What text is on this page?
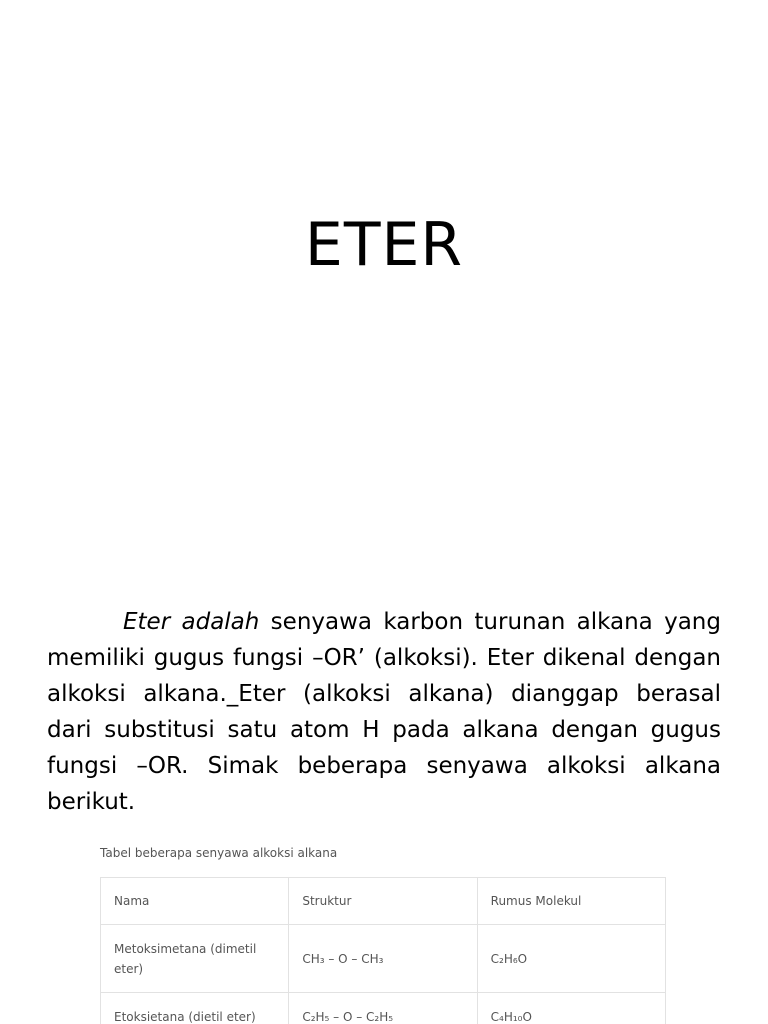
ETER

Eter adalah senyawa karbon turunan alkana yang memiliki gugus fungsi –OR’ (alkoksi). Eter dikenal dengan alkoksi alkana._Eter (alkoksi alkana) dianggap berasal dari substitusi satu atom H pada alkana dengan gugus fungsi –OR. Simak beberapa senyawa alkoksi alkana berikut.

Tabel beberapa senyawa alkoksi alkana

Nama	Struktur	Rumus Molekul
Metoksimetana (dimetil eter)	CH₃ – O – CH₃	C₂H₆O
Etoksietana (dietil eter)	C₂H₅ – O – C₂H₅	C₄H₁₀O
